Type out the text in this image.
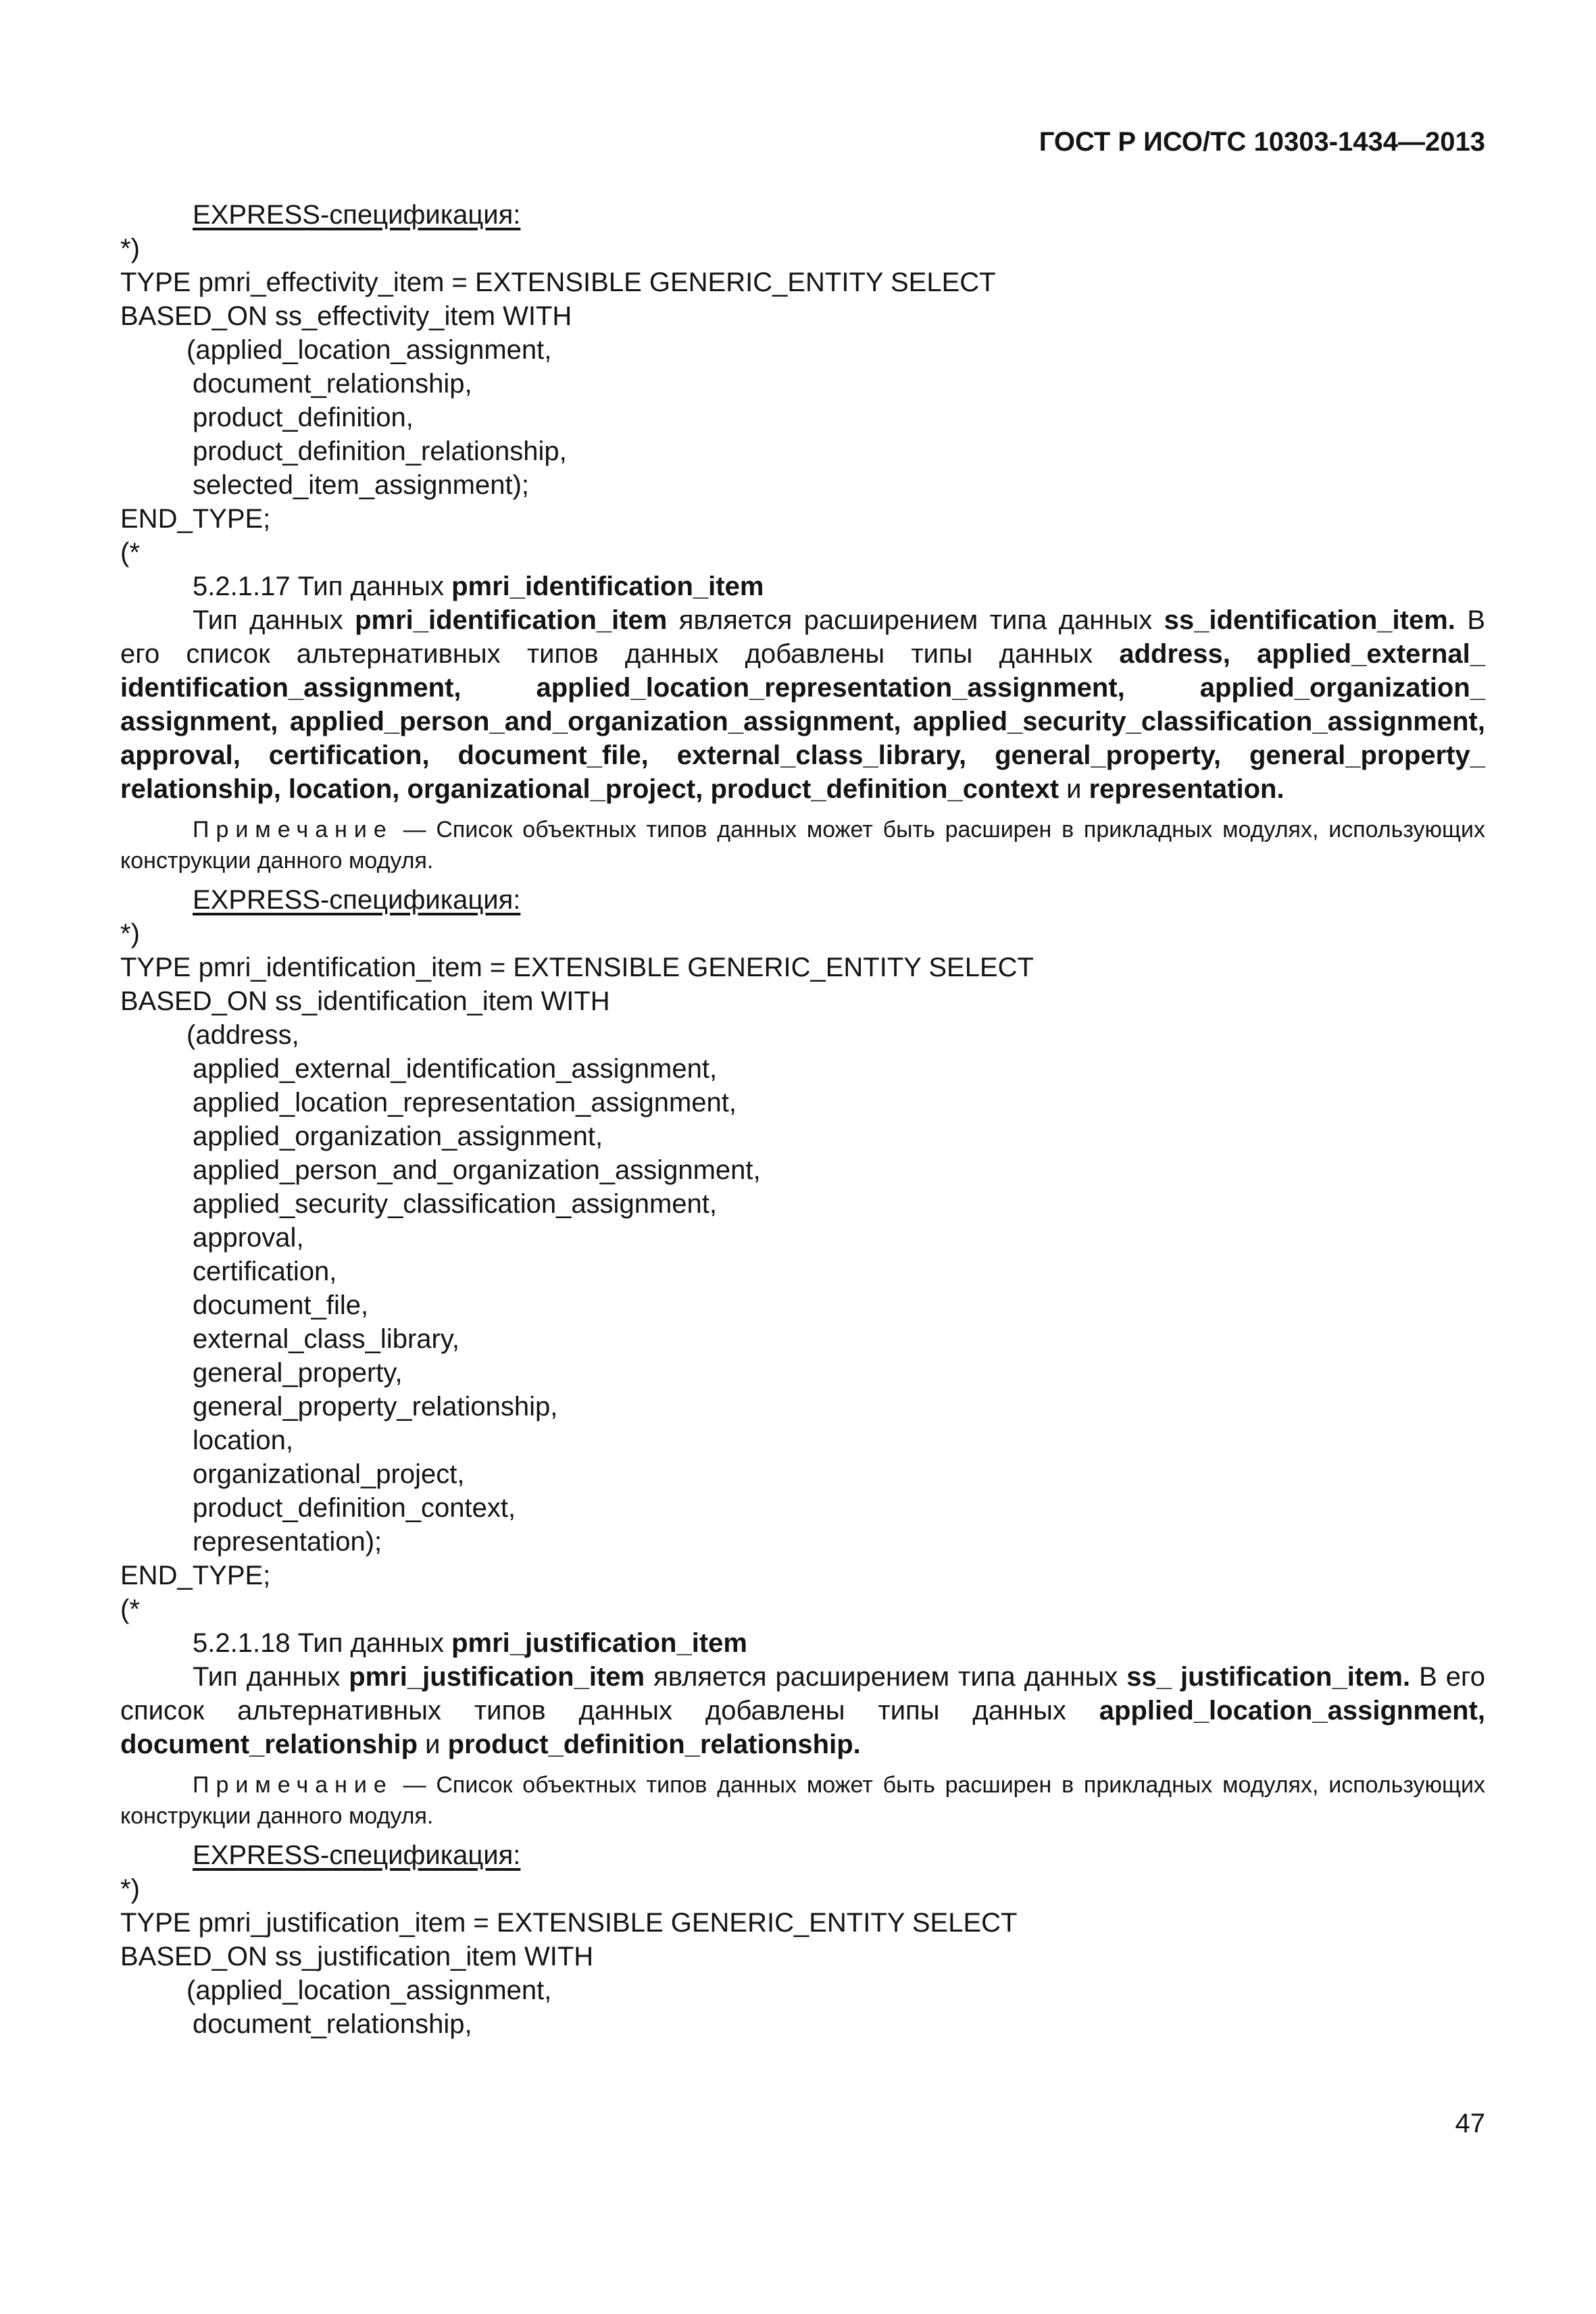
ГОСТ Р ИСО/ТС 10303-1434—2013
EXPRESS-спецификация:
*)
TYPE pmri_effectivity_item = EXTENSIBLE GENERIC_ENTITY SELECT
BASED_ON ss_effectivity_item WITH
(applied_location_assignment,
document_relationship,
product_definition,
product_definition_relationship,
selected_item_assignment);
END_TYPE;
(*
5.2.1.17 Тип данных pmri_identification_item

Тип данных pmri_identification_item является расширением типа данных ss_identification_item. В его список альтернативных типов данных добавлены типы данных address, applied_external_ identification_assignment, applied_location_representation_assignment, applied_organization_ assignment, applied_person_and_organization_assignment, applied_security_classification_assignment, approval, certification, document_file, external_class_library, general_property, general_property_ relationship, location, organizational_project, product_definition_context и representation.

Примечание — Список объектных типов данных может быть расширен в прикладных модулях, использующих конструкции данного модуля.

EXPRESS-спецификация:
*)
TYPE pmri_identification_item = EXTENSIBLE GENERIC_ENTITY SELECT
BASED_ON ss_identification_item WITH
(address,
applied_external_identification_assignment,
applied_location_representation_assignment,
applied_organization_assignment,
applied_person_and_organization_assignment,
applied_security_classification_assignment,
approval,
certification,
document_file,
external_class_library,
general_property,
general_property_relationship,
location,
organizational_project,
product_definition_context,
representation);
END_TYPE;
(*
5.2.1.18 Тип данных pmri_justification_item

Тип данных pmri_justification_item является расширением типа данных ss_ justification_item. В его список альтернативных типов данных добавлены типы данных applied_location_assignment, document_relationship и product_definition_relationship.

Примечание — Список объектных типов данных может быть расширен в прикладных модулях, использующих конструкции данного модуля.

EXPRESS-спецификация:
*)
TYPE pmri_justification_item = EXTENSIBLE GENERIC_ENTITY SELECT
BASED_ON ss_justification_item WITH
(applied_location_assignment,
document_relationship,
47
